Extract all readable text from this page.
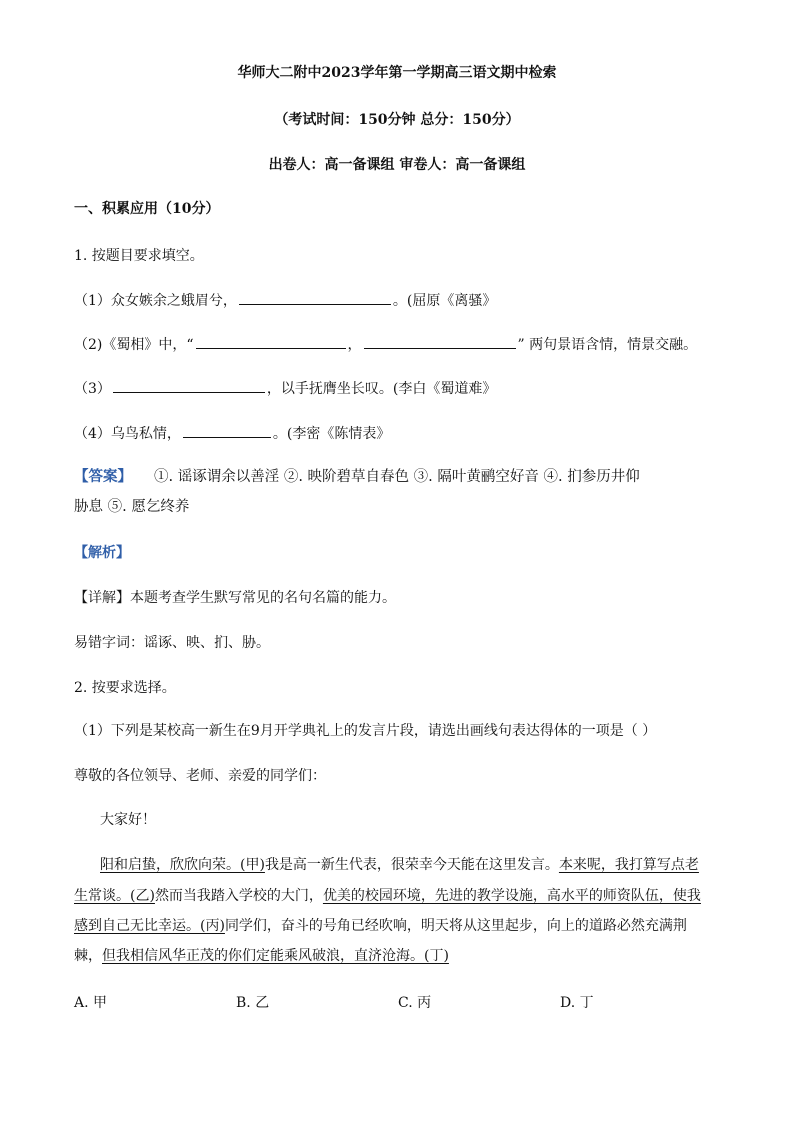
华师大二附中2023学年第一学期高三语文期中检索
（考试时间：150分钟 总分：150分）
出卷人：高一备课组 审卷人：高一备课组
一、积累应用（10分）
1. 按题目要求填空。
（1）众女嫉余之蛾眉兮，	。(屈原《离骚》
（2)《蜀相》中，“	，	” 两句景语含情，情景交融。
（3）	，以手抚膺坐长叹。(李白《蜀道难》
（4）乌鸟私情，	。(李密《陈情表》
【答案】 ①. 谣诼谓余以善淫 ②. 映阶碧草自春色 ③. 隔叶黄鹂空好音 ④. 扪参历井仰
胁息 ⑤. 愿乞终养
【解析】
【详解】本题考查学生默写常见的名句名篇的能力。
易错字词：谣诼、映、扪、胁。
2. 按要求选择。
（1）下列是某校高一新生在9月开学典礼上的发言片段，请选出画线句表达得体的一项是（ ）
尊敬的各位领导、老师、亲爱的同学们：
大家好！
阳和启蛰，欣欣向荣。(甲)我是高一新生代表，很荣幸今天能在这里发言。本来呢，我打算写点老
生常谈。(乙)然而当我踏入学校的大门，优美的校园环境，先进的教学设施，高水平的师资队伍，使我
感到自己无比幸运。(丙)同学们，奋斗的号角已经吹响，明天将从这里起步，向上的道路必然充满荆
棘，但我相信风华正茂的你们定能乘风破浪，直济沧海。(丁)
A. 甲	B. 乙	C. 丙	D. 丁
